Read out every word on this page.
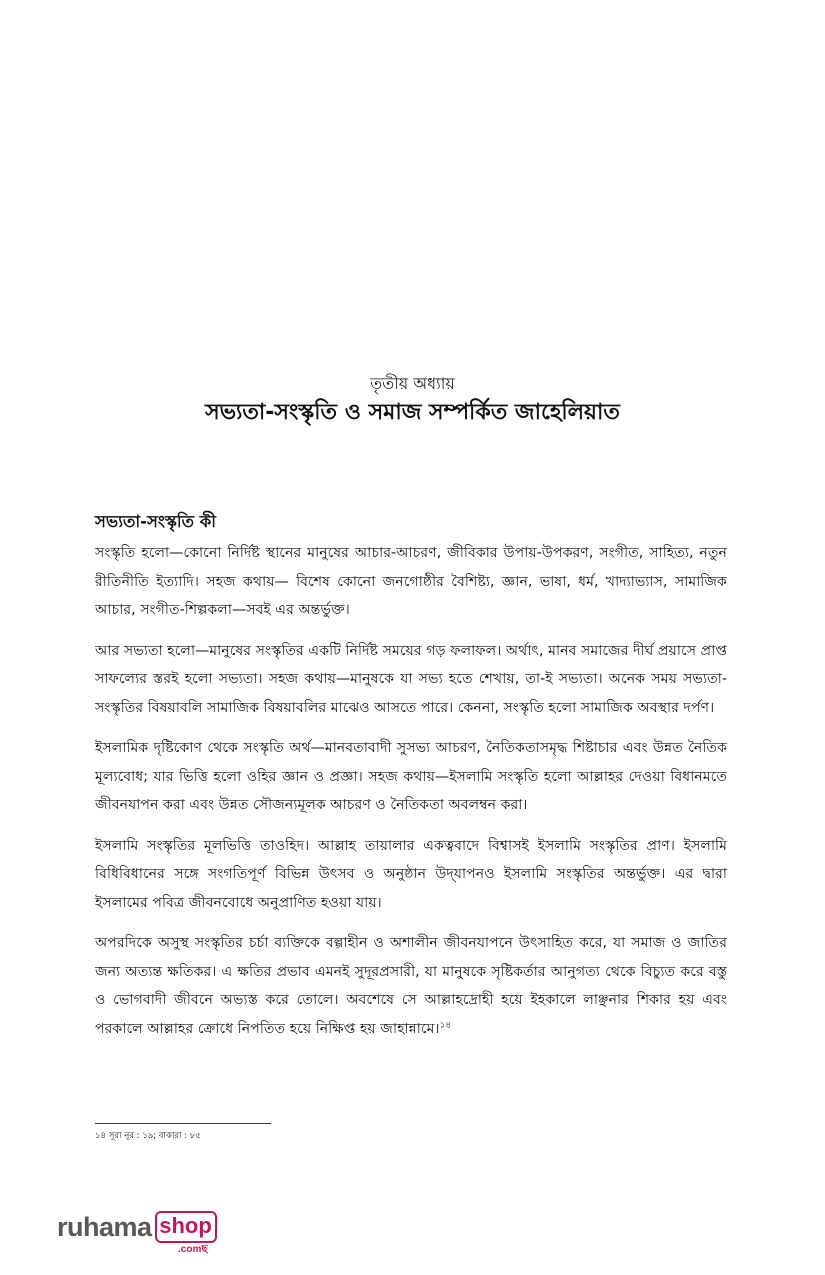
তৃতীয় অধ্যায়
সভ্যতা-সংস্কৃতি ও সমাজ সম্পর্কিত জাহেলিয়াত
সভ্যতা-সংস্কৃতি কী

সংস্কৃতি হলো—কোনো নির্দিষ্ট স্থানের মানুষের আচার-আচরণ, জীবিকার উপায়-উপকরণ, সংগীত, সাহিত্য, নতুন রীতিনীতি ইত্যাদি। সহজ কথায়— বিশেষ কোনো জনগোষ্ঠীর বৈশিষ্ট্য, জ্ঞান, ভাষা, ধর্ম, খাদ্যাভ্যাস, সামাজিক আচার, সংগীত-শিল্পকলা—সবই এর অন্তর্ভুক্ত।

আর সভ্যতা হলো—মানুষের সংস্কৃতির একটি নির্দিষ্ট সময়ের গড় ফলাফল। অর্থাৎ, মানব সমাজের দীর্ঘ প্রয়াসে প্রাপ্ত সাফল্যের স্তরই হলো সভ্যতা। সহজ কথায়—মানুষকে যা সভ্য হতে শেখায়, তা-ই সভ্যতা। অনেক সময় সভ্যতা-সংস্কৃতির বিষয়াবলি সামাজিক বিষয়াবলির মাঝেও আসতে পারে। কেননা, সংস্কৃতি হলো সামাজিক অবস্থার দর্পণ।

ইসলামিক দৃষ্টিকোণ থেকে সংস্কৃতি অর্থ—মানবতাবাদী সুসভ্য আচরণ, নৈতিকতাসমৃদ্ধ শিষ্টাচার এবং উন্নত নৈতিক মূল্যবোধ; যার ভিত্তি হলো ওহির জ্ঞান ও প্রজ্ঞা। সহজ কথায়—ইসলামি সংস্কৃতি হলো আল্লাহর দেওয়া বিধানমতে জীবনযাপন করা এবং উন্নত সৌজন্যমূলক আচরণ ও নৈতিকতা অবলম্বন করা।

ইসলামি সংস্কৃতির মূলভিত্তি তাওহিদ। আল্লাহ তায়ালার একত্ববাদে বিশ্বাসই ইসলামি সংস্কৃতির প্রাণ। ইসলামি বিধিবিধানের সঙ্গে সংগতিপূর্ণ বিভিন্ন উৎসব ও অনুষ্ঠান উদ্‌যাপনও ইসলামি সংস্কৃতির অন্তর্ভুক্ত। এর দ্বারা ইসলামের পবিত্র জীবনবোধে অনুপ্রাণিত হওয়া যায়।

অপরদিকে অসুস্থ সংস্কৃতির চর্চা ব্যক্তিকে বল্গাহীন ও অশালীন জীবনযাপনে উৎসাহিত করে, যা সমাজ ও জাতির জন্য অত্যন্ত ক্ষতিকর। এ ক্ষতির প্রভাব এমনই সুদূরপ্রসারী, যা মানুষকে সৃষ্টিকর্তার আনুগত্য থেকে বিচ্যুত করে বস্তু ও ভোগবাদী জীবনে অভ্যস্ত করে তোলে। অবশেষে সে আল্লাহদ্রোহী হয়ে ইহকালে লাঞ্ছনার শিকার হয় এবং পরকালে আল্লাহর ক্রোধে নিপতিত হয়ে নিক্ষিপ্ত হয় জাহান্নামে।$^{১৪}$

১৪ সূরা নূর : ১৯; বাকারা : ৮৫
ruhama shop
.comছ
